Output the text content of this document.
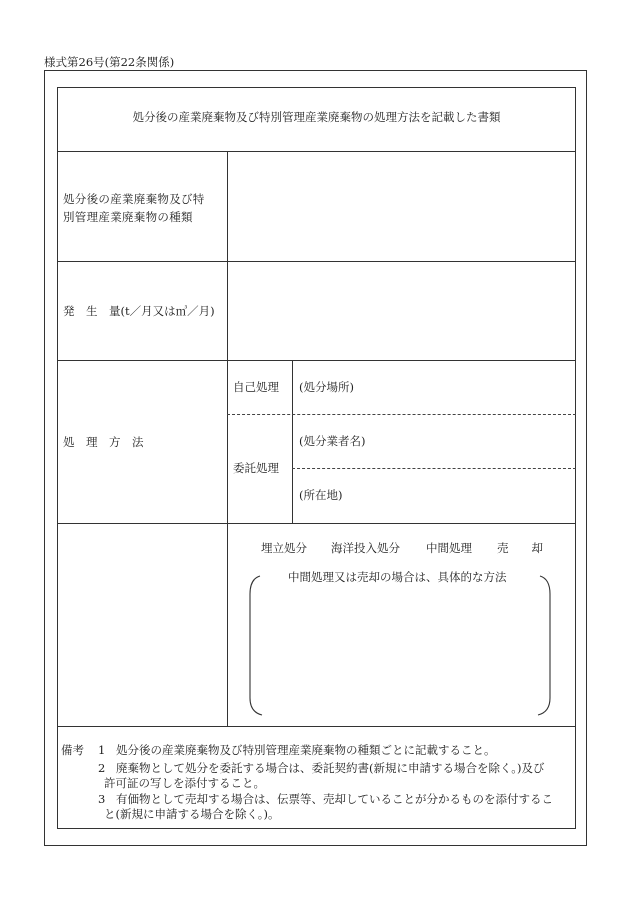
様式第26号(第22条関係)
処分後の産業廃棄物及び特別管理産業廃棄物の処理方法を記載した書類
処分後の産業廃棄物及び特
別管理産業廃棄物の種類
発　生　量(t／月又は㎥／月)
処　理　方　法
自己処理 (処分場所)
委託処理
(処分業者名)
(所在地)
埋立処分 海洋投入処分 中間処理 売　　却
中間処理又は売却の場合は、具体的な方法
備考 1 処分後の産業廃棄物及び特別管理産業廃棄物の種類ごとに記載すること。
2 廃棄物として処分を委託する場合は、委託契約書(新規に申請する場合を除く。)及び
許可証の写しを添付すること。
3 有価物として売却する場合は、伝票等、売却していることが分かるものを添付するこ
と(新規に申請する場合を除く。)。
